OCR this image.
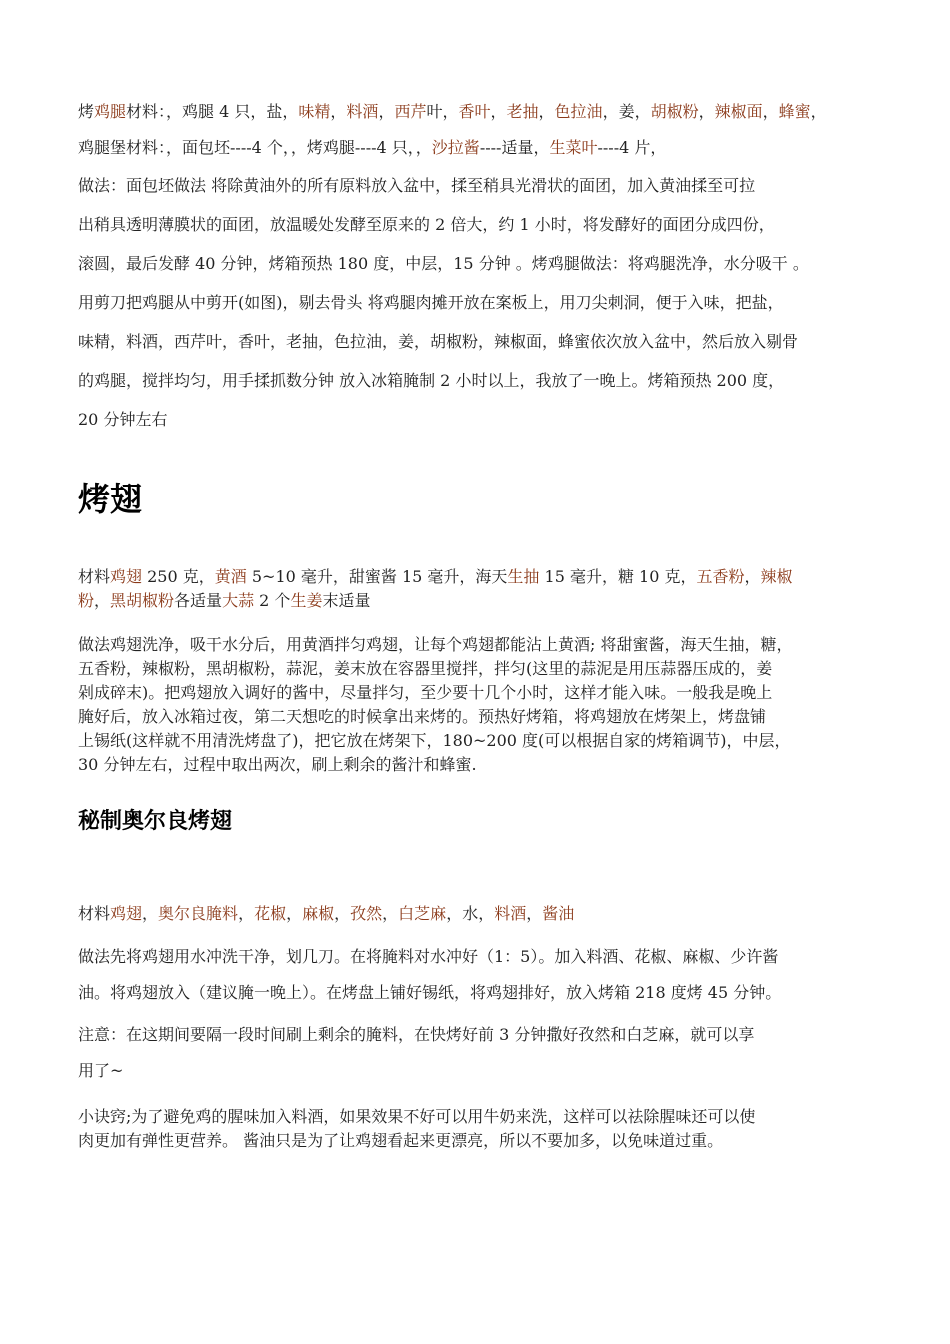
烤鸡腿材料：，鸡腿 4 只，盐，味精，料酒，西芹叶，香叶，老抽，色拉油，姜，胡椒粉，辣椒面，蜂蜜，
鸡腿堡材料：，面包坯----4 个，，烤鸡腿----4 只，，沙拉酱----适量，生菜叶----4 片，
做法：面包坯做法 将除黄油外的所有原料放入盆中，揉至稍具光滑状的面团，加入黄油揉至可拉
出稍具透明薄膜状的面团，放温暖处发酵至原来的 2 倍大，约 1 小时，将发酵好的面团分成四份，
滚圆，最后发酵 40 分钟，烤箱预热 180 度，中层，15 分钟 。烤鸡腿做法：将鸡腿洗净，水分吸干 。
用剪刀把鸡腿从中剪开(如图)，剔去骨头 将鸡腿肉摊开放在案板上，用刀尖刺洞，便于入味，把盐，
味精，料酒，西芹叶，香叶，老抽，色拉油，姜，胡椒粉，辣椒面，蜂蜜依次放入盆中，然后放入剔骨
的鸡腿，搅拌均匀，用手揉抓数分钟 放入冰箱腌制 2 小时以上，我放了一晚上。烤箱预热 200 度，
20 分钟左右
烤翅
材料鸡翅 250 克，黄酒 5~10 毫升，甜蜜酱 15 毫升，海天生抽 15 毫升，糖 10 克，五香粉，辣椒
粉，黑胡椒粉各适量大蒜 2 个生姜末适量
做法鸡翅洗净，吸干水分后，用黄酒拌匀鸡翅，让每个鸡翅都能沾上黄酒; 将甜蜜酱，海天生抽，糖，
五香粉，辣椒粉，黑胡椒粉，蒜泥，姜末放在容器里搅拌，拌匀(这里的蒜泥是用压蒜器压成的，姜
剁成碎末)。把鸡翅放入调好的酱中，尽量拌匀，至少要十几个小时，这样才能入味。一般我是晚上
腌好后，放入冰箱过夜，第二天想吃的时候拿出来烤的。预热好烤箱，将鸡翅放在烤架上，烤盘铺
上锡纸(这样就不用清洗烤盘了)，把它放在烤架下，180~200 度(可以根据自家的烤箱调节)，中层，
30 分钟左右，过程中取出两次，刷上剩余的酱汁和蜂蜜.
秘制奥尔良烤翅
材料鸡翅，奥尔良腌料，花椒，麻椒，孜然，白芝麻，水，料酒，酱油
做法先将鸡翅用水冲洗干净，划几刀。在将腌料对水冲好（1：5）。加入料酒、花椒、麻椒、少许酱
油。将鸡翅放入（建议腌一晚上）。在烤盘上铺好锡纸，将鸡翅排好，放入烤箱 218 度烤 45 分钟。
注意：在这期间要隔一段时间刷上剩余的腌料，在快烤好前 3 分钟撒好孜然和白芝麻，就可以享
用了~
小诀窍;为了避免鸡的腥味加入料酒，如果效果不好可以用牛奶来洗，这样可以祛除腥味还可以使
肉更加有弹性更营养。 酱油只是为了让鸡翅看起来更漂亮，所以不要加多，以免味道过重。
